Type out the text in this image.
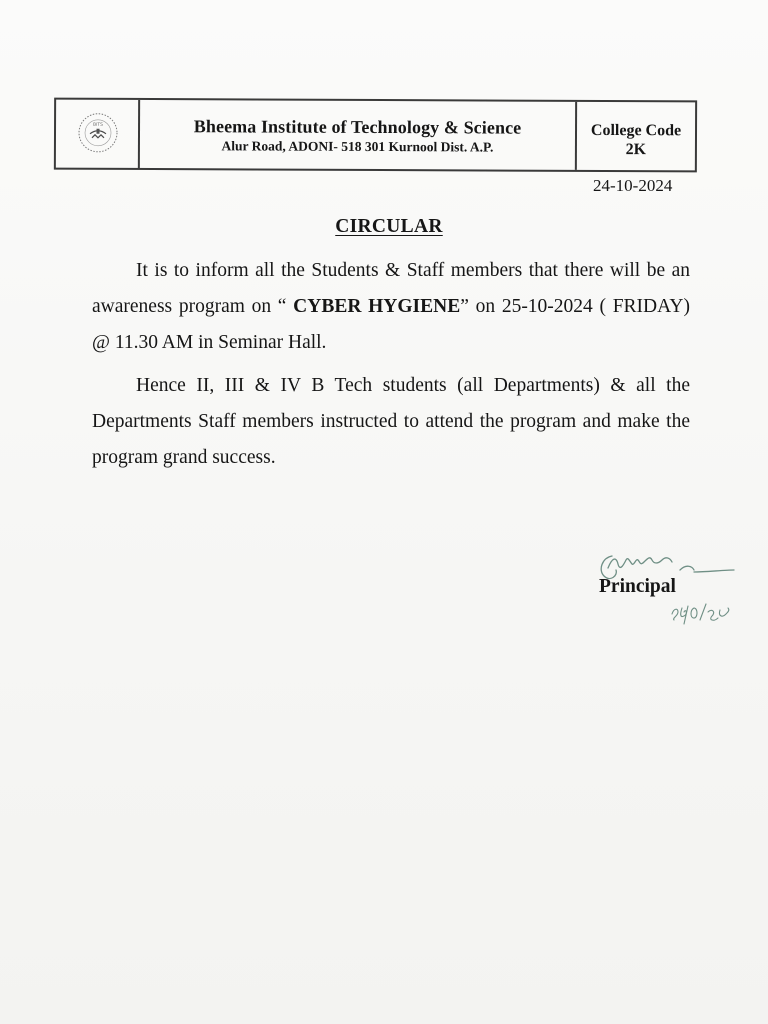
BITS	Bheema Institute of Technology & Science
Alur Road, ADONI- 518 301 Kurnool Dist. A.P.
College Code
2K
24-10-2024
CIRCULAR

It is to inform all the Students & Staff members that there will be an awareness program on “ CYBER HYGIENE” on 25-10-2024 ( FRIDAY) @ 11.30 AM in Seminar Hall.

Hence II, III & IV B Tech students (all Departments) & all the Departments Staff members instructed to attend the program and make the program grand success.

Principal
